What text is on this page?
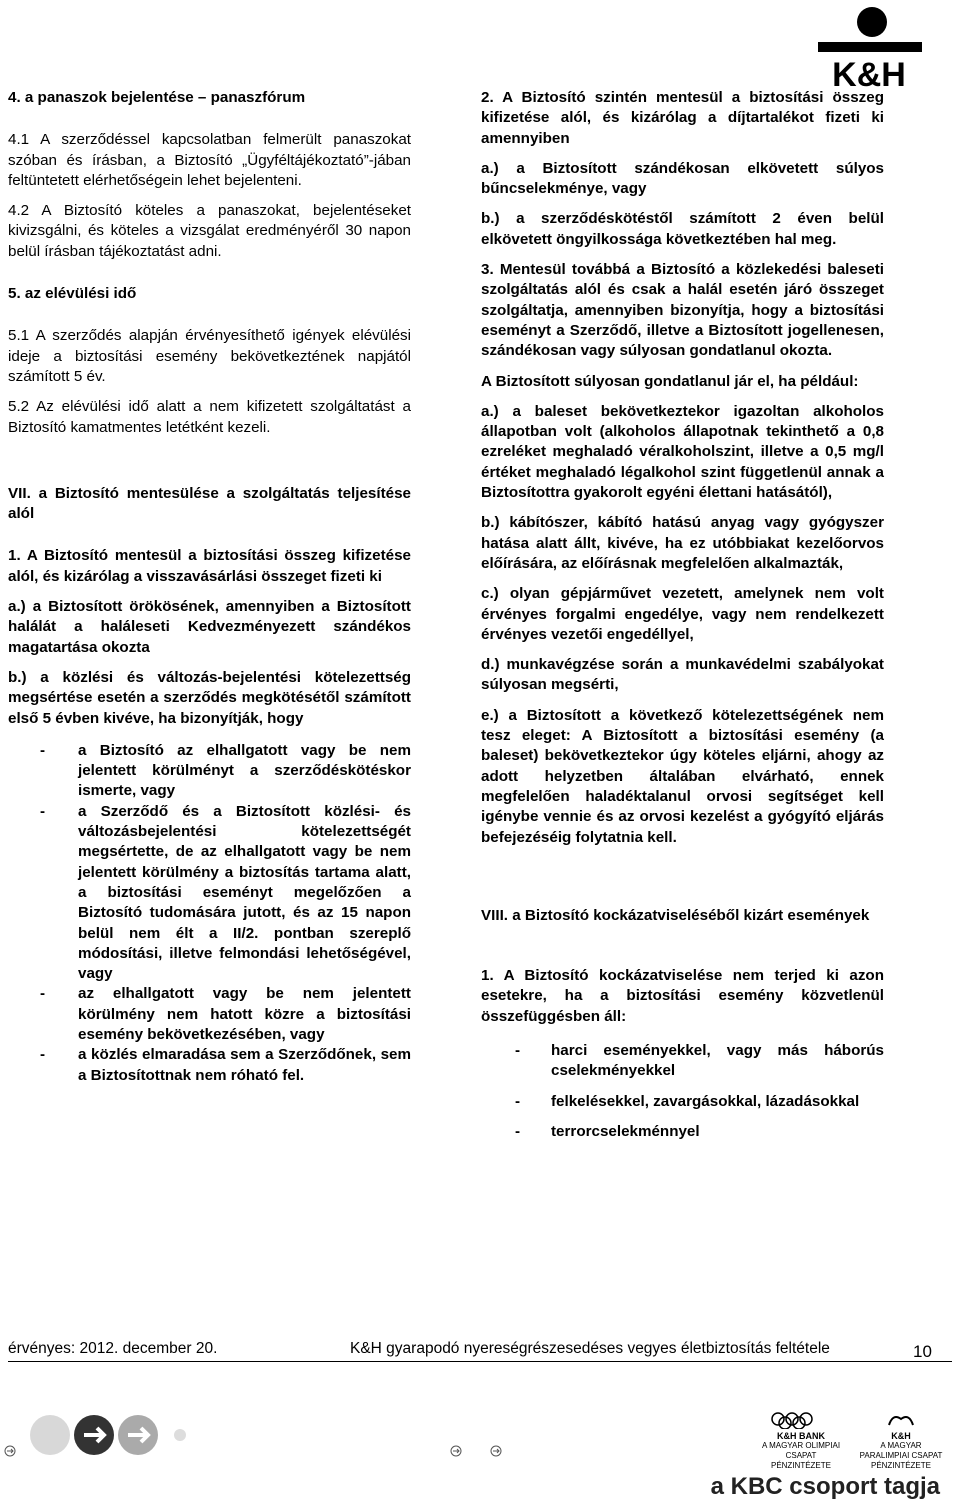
K&H

4. a panaszok bejelentése – panaszfórum

4.1 A szerződéssel kapcsolatban felmerült panaszokat szóban és írásban, a Biztosító „Ügyféltájékoztató”-jában feltüntetett elérhetőségein lehet bejelenteni.

4.2 A Biztosító köteles a panaszokat, bejelentéseket kivizsgálni, és köteles a vizsgálat eredményéről 30 napon belül írásban tájékoztatást adni.

5. az elévülési idő

5.1 A szerződés alapján érvényesíthető igények elévülési ideje a biztosítási esemény bekövetkeztének napjától számított 5 év.

5.2 Az elévülési idő alatt a nem kifizetett szolgáltatást a Biztosító kamatmentes letétként kezeli.

VII. a Biztosító mentesülése a szolgáltatás teljesítése alól

1. A Biztosító mentesül a biztosítási összeg kifizetése alól, és kizárólag a visszavásárlási összeget fizeti ki

a.) a Biztosított örökösének, amennyiben a Biztosított halálát a haláleseti Kedvezményezett szándékos magatartása okozta

b.) a közlési és változás-bejelentési kötelezettség megsértése esetén a szerződés megkötésétől számított első 5 évben kivéve, ha bizonyítják, hogy

- a Biztosító az elhallgatott vagy be nem jelentett körülményt a szerződéskötéskor ismerte, vagy
- a Szerződő és a Biztosított közlési- és változásbejelentési kötelezettségét megsértette, de az elhallgatott vagy be nem jelentett körülmény a biztosítás tartama alatt, a biztosítási eseményt megelőzően a Biztosító tudomására jutott, és az 15 napon belül nem élt a II/2. pontban szereplő módosítási, illetve felmondási lehetőségével, vagy
- az elhallgatott vagy be nem jelentett körülmény nem hatott közre a biztosítási esemény bekövetkezésében, vagy
- a közlés elmaradása sem a Szerződőnek, sem a Biztosítottnak nem róható fel.

2. A Biztosító szintén mentesül a biztosítási összeg kifizetése alól, és kizárólag a díjtartalékot fizeti ki amennyiben

a.) a Biztosított szándékosan elkövetett súlyos bűncselekménye, vagy

b.) a szerződéskötéstől számított 2 éven belül elkövetett öngyilkossága következtében hal meg.

3. Mentesül továbbá a Biztosító a közlekedési baleseti szolgáltatás alól és csak a halál esetén járó összeget szolgáltatja, amennyiben bizonyítja, hogy a biztosítási eseményt a Szerződő, illetve a Biztosított jogellenesen, szándékosan vagy súlyosan gondatlanul okozta.

A Biztosított súlyosan gondatlanul jár el, ha például:

a.) a baleset bekövetkeztekor igazoltan alkoholos állapotban volt (alkoholos állapotnak tekinthető a 0,8 ezreléket meghaladó véralkoholszint, illetve a 0,5 mg/l értéket meghaladó légalkohol szint függetlenül annak a Biztosítottra gyakorolt egyéni élettani hatásától),

b.) kábítószer, kábító hatású anyag vagy gyógyszer hatása alatt állt, kivéve, ha ez utóbbiakat kezelőorvos előírására, az előírásnak megfelelően alkalmazták,

c.) olyan gépjárművet vezetett, amelynek nem volt érvényes forgalmi engedélye, vagy nem rendelkezett érvényes vezetői engedéllyel,

d.) munkavégzése során a munkavédelmi szabályokat súlyosan megsérti,

e.) a Biztosított a következő kötelezettségének nem tesz eleget: A Biztosított a biztosítási esemény (a baleset) bekövetkeztekor úgy köteles eljárni, ahogy az adott helyzetben általában elvárható, ennek megfelelően haladéktalanul orvosi segítséget kell igénybe vennie és az orvosi kezelést a gyógyító eljárás befejezéséig folytatnia kell.

VIII. a Biztosító kockázatviseléséből kizárt események

1. A Biztosító kockázatviselése nem terjed ki azon esetekre, ha a biztosítási esemény közvetlenül összefüggésben áll:

- harci eseményekkel, vagy más háborús cselekményekkel
- felkelésekkel, zavargásokkal, lázadásokkal
- terrorcselekménnyel
érvényes: 2012. december 20.	K&H gyarapodó nyereségrészesedéses vegyes életbiztosítás feltétele	10
K&H BANK
A MAGYAR OLIMPIAI CSAPAT PÉNZINTÉZETE
K&H
A MAGYAR PARALIMPIAI CSAPAT PÉNZINTÉZETE
a KBC csoport tagja
